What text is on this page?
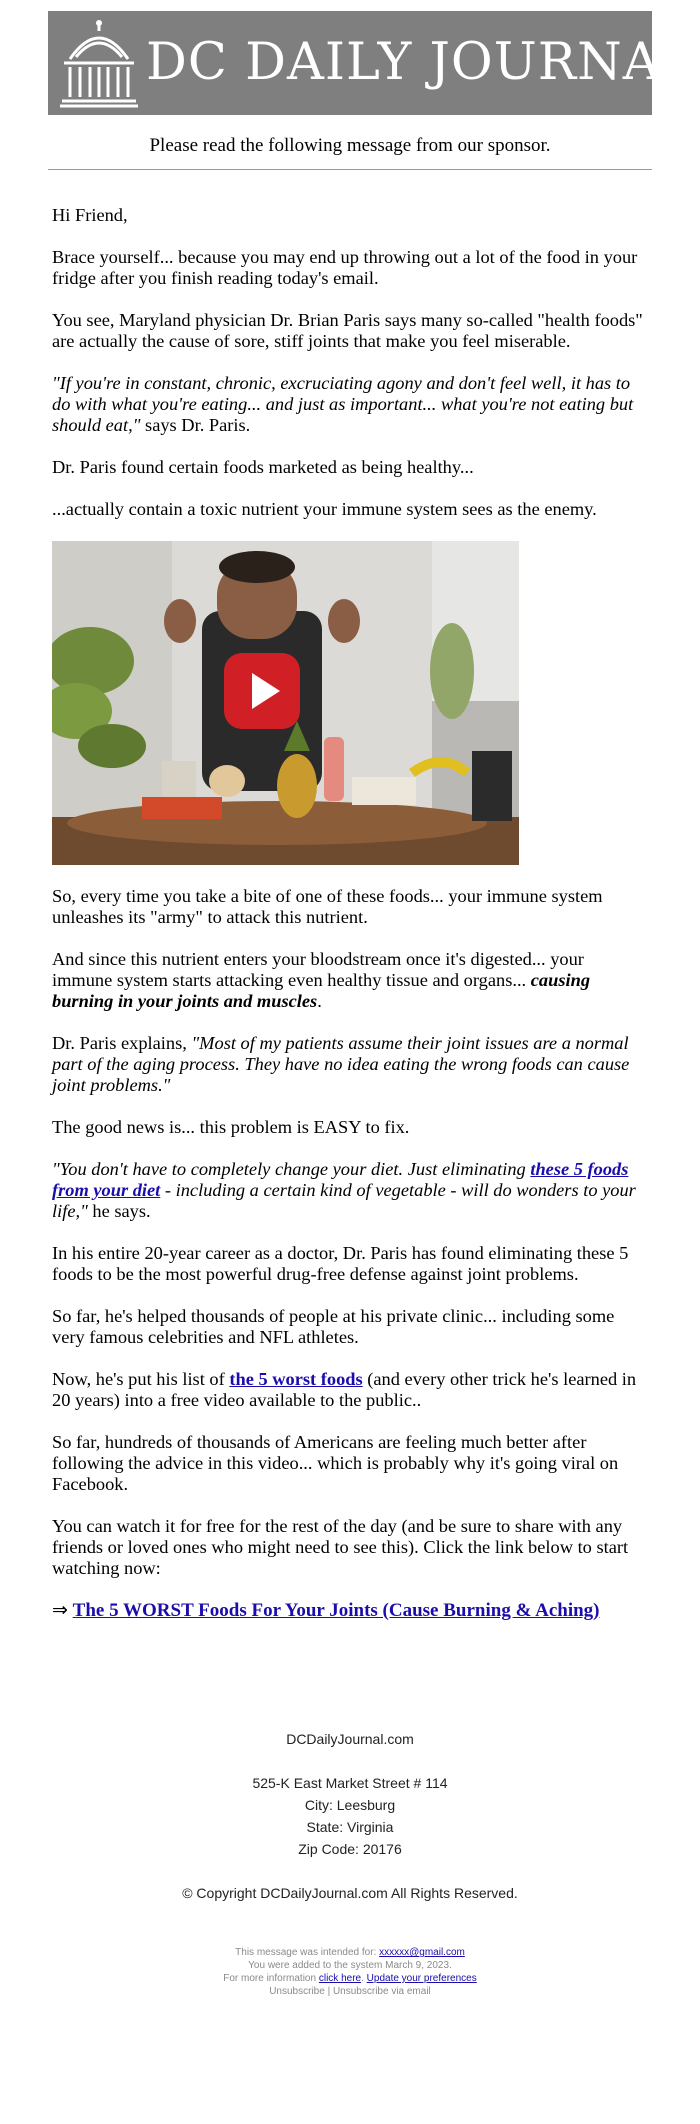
DC DAILY JOURNAL
Please read the following message from our sponsor.

Hi Friend,

Brace yourself... because you may end up throwing out a lot of the food in your fridge after you finish reading today's email.

You see, Maryland physician Dr. Brian Paris says many so-called "health foods" are actually the cause of sore, stiff joints that make you feel miserable.

"If you're in constant, chronic, excruciating agony and don't feel well, it has to do with what you're eating... and just as important... what you're not eating but should eat," says Dr. Paris.

Dr. Paris found certain foods marketed as being healthy...

...actually contain a toxic nutrient your immune system sees as the enemy.

So, every time you take a bite of one of these foods... your immune system unleashes its "army" to attack this nutrient.

And since this nutrient enters your bloodstream once it's digested... your immune system starts attacking even healthy tissue and organs... causing burning in your joints and muscles.

Dr. Paris explains, "Most of my patients assume their joint issues are a normal part of the aging process. They have no idea eating the wrong foods can cause joint problems."

The good news is... this problem is EASY to fix.

"You don't have to completely change your diet. Just eliminating these 5 foods from your diet - including a certain kind of vegetable - will do wonders to your life," he says.

In his entire 20-year career as a doctor, Dr. Paris has found eliminating these 5 foods to be the most powerful drug-free defense against joint problems.

So far, he's helped thousands of people at his private clinic... including some very famous celebrities and NFL athletes.

Now, he's put his list of the 5 worst foods (and every other trick he's learned in 20 years) into a free video available to the public..

So far, hundreds of thousands of Americans are feeling much better after following the advice in this video... which is probably why it's going viral on Facebook.

You can watch it for free for the rest of the day (and be sure to share with any friends or loved ones who might need to see this). Click the link below to start watching now:

⇒ The 5 WORST Foods For Your Joints (Cause Burning & Aching)

DCDailyJournal.com
525-K East Market Street # 114
City: Leesburg
State: Virginia
Zip Code: 20176
© Copyright DCDailyJournal.com All Rights Reserved.
This message was intended for: xxxxxx@gmail.com
You were added to the system March 9, 2023.
For more information click here. Update your preferences
Unsubscribe | Unsubscribe via email
